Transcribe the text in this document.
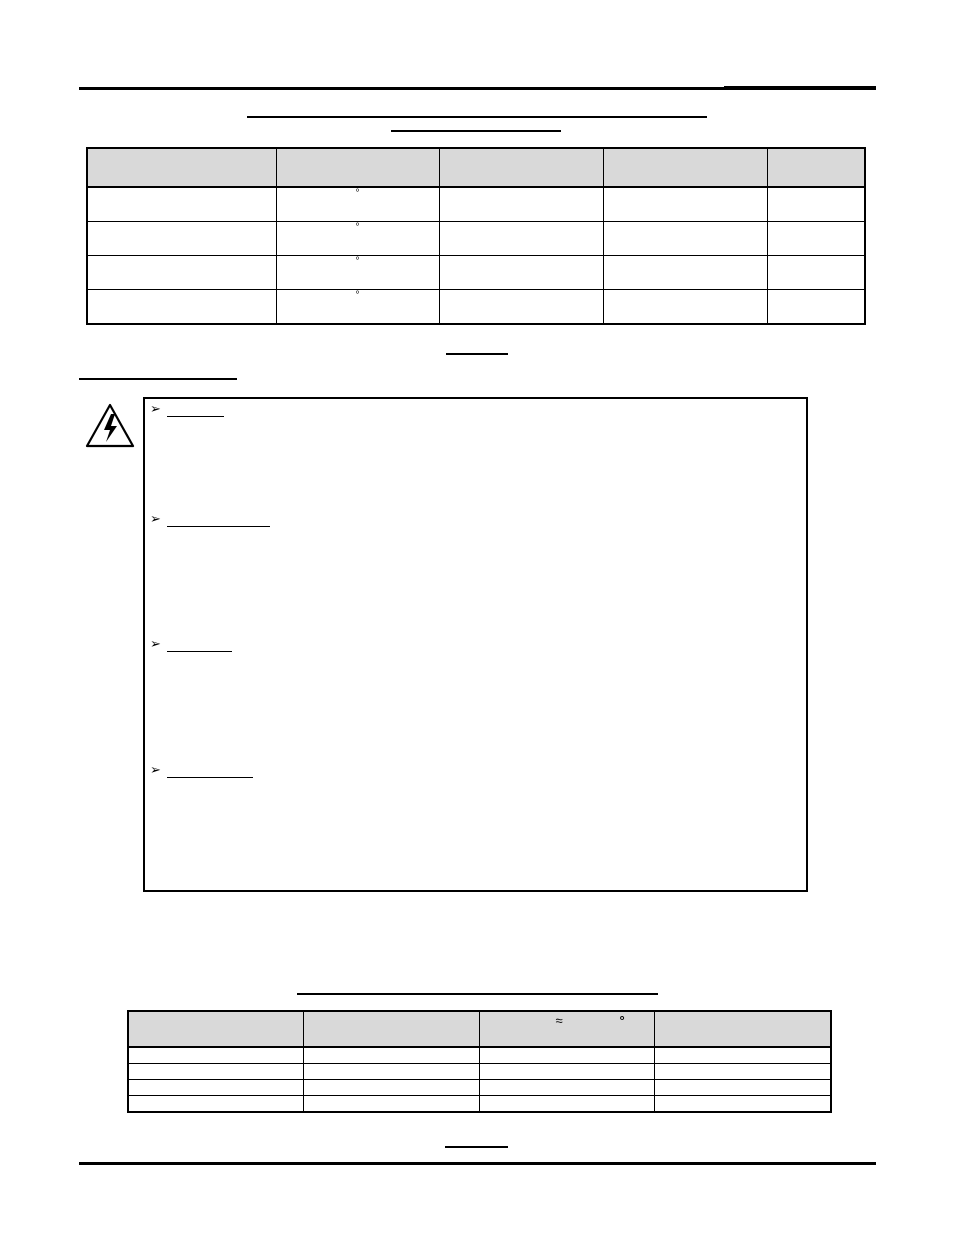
	°			

	°			

	°			

	°			

➢
➢
➢
➢

		≈ °	
